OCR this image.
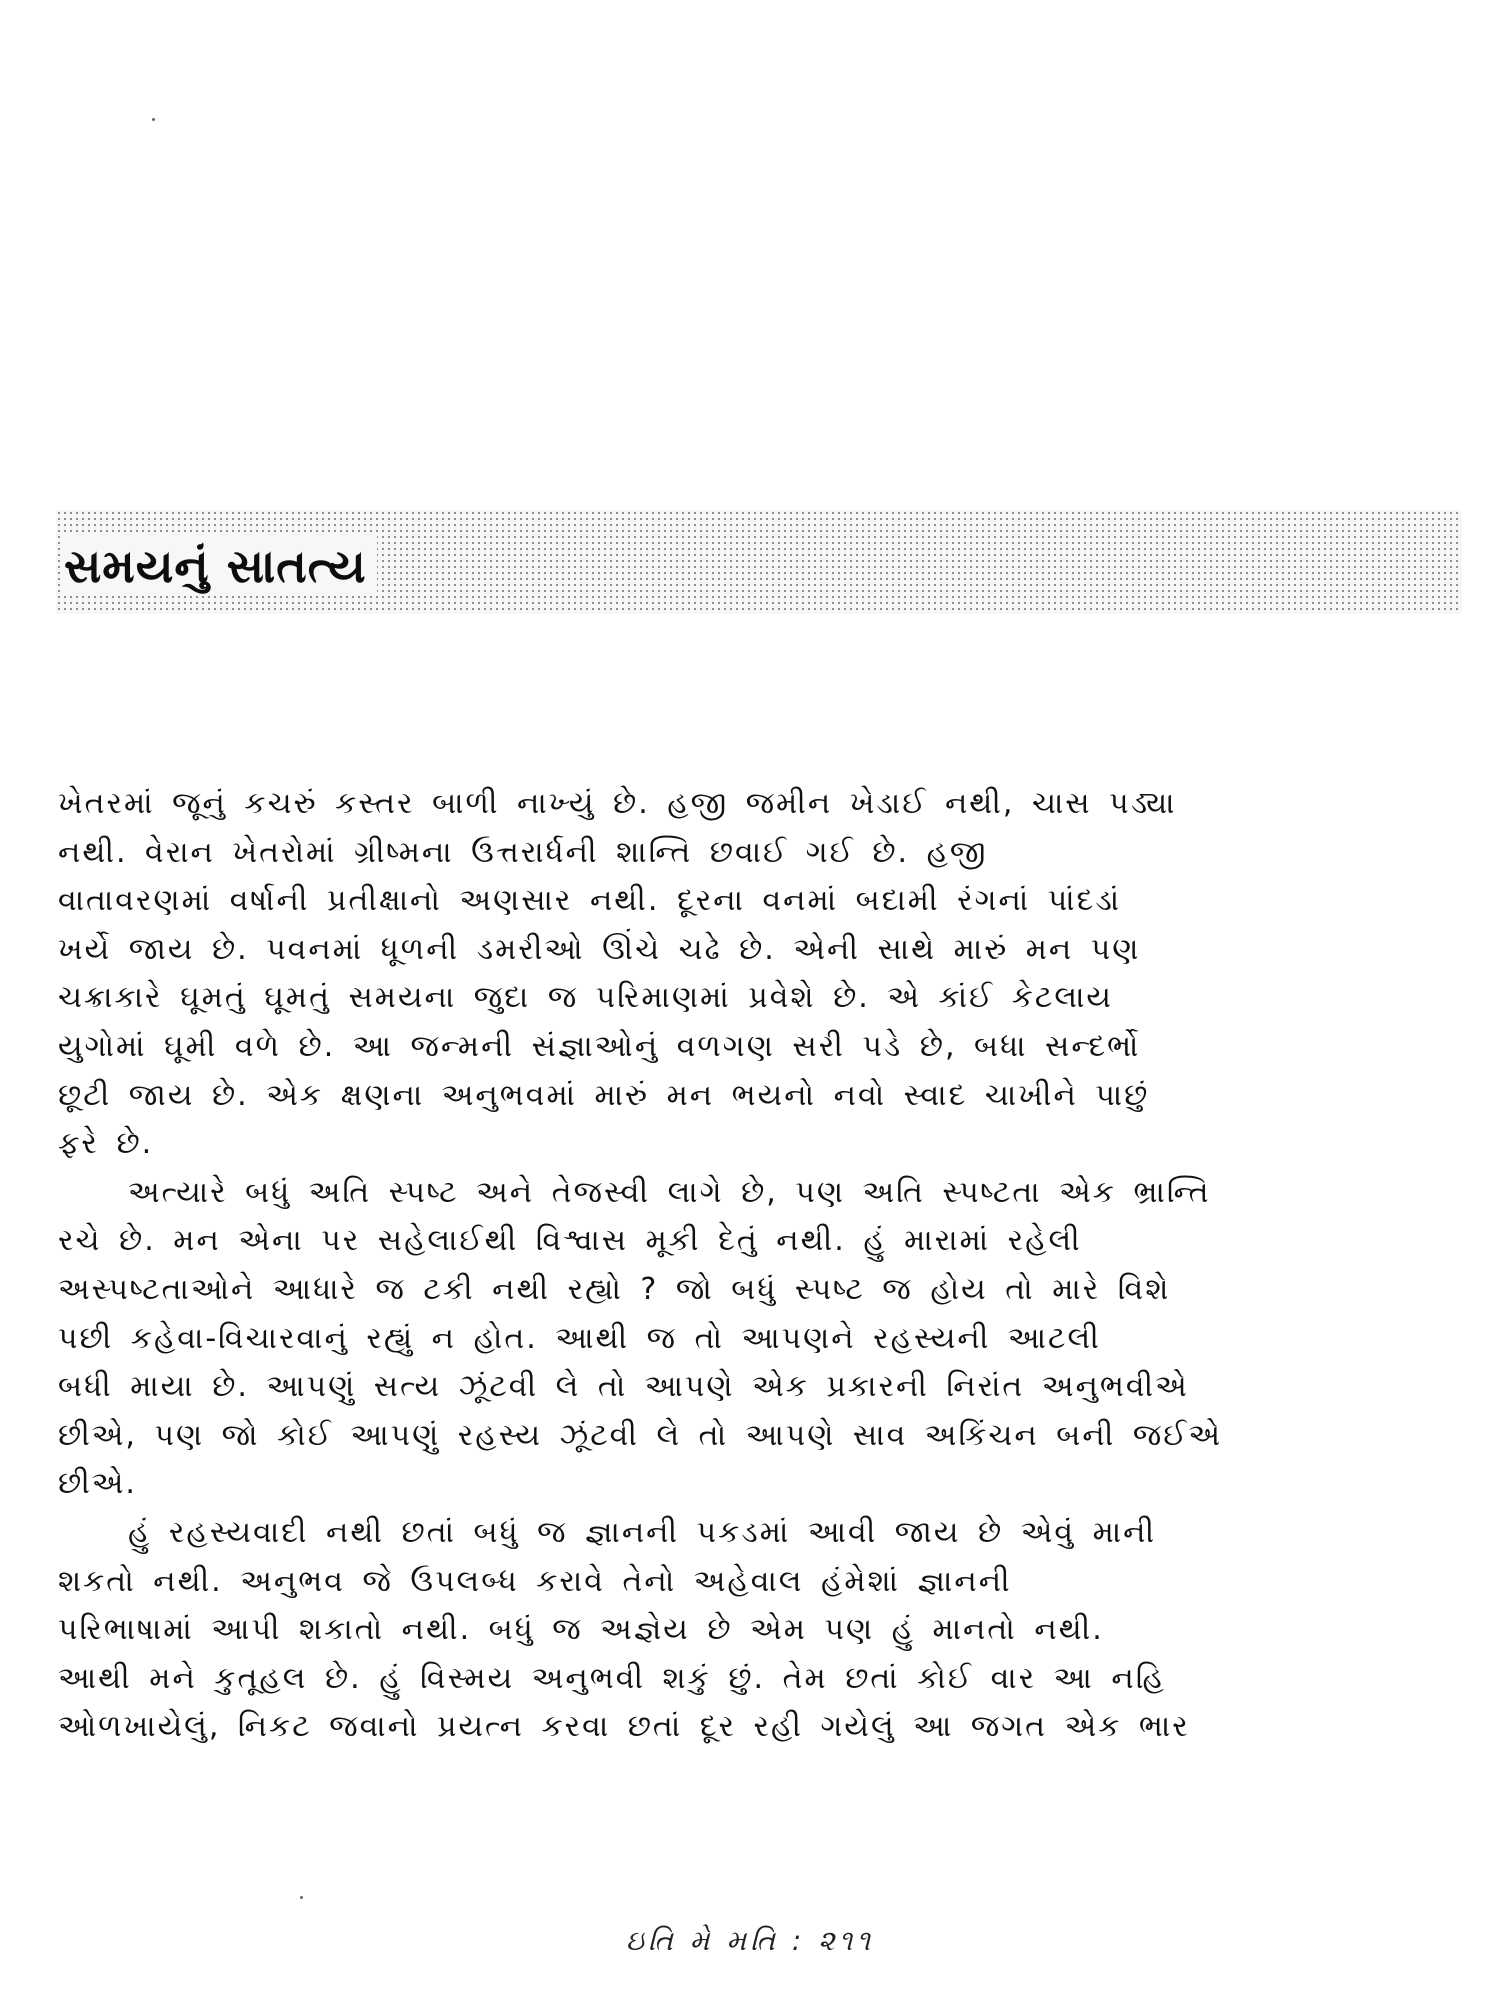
સમયનું સાતત્ય
ખેતરમાં જૂનું કચરું કસ્તર બાળી નાખ્યું છે. હજી જમીન ખેડાઈ નથી, ચાસ પડ્યા
નથી. વેરાન ખેતરોમાં ગ્રીષ્મના ઉત્તરાર્ધની શાન્તિ છવાઈ ગઈ છે. હજી
વાતાવરણમાં વર્ષાની પ્રતીક્ષાનો અણસાર નથી. દૂરના વનમાં બદામી રંગનાં પાંદડાં
ખર્યે જાય છે. પવનમાં ધૂળની ડમરીઓ ઊંચે ચઢે છે. એની સાથે મારું મન પણ
ચક્રાકારે ઘૂમતું ઘૂમતું સમયના જુદા જ પરિમાણમાં પ્રવેશે છે. એ કાંઈ કેટલાય
યુગોમાં ઘૂમી વળે છે. આ જન્મની સંજ્ઞાઓનું વળગણ સરી પડે છે, બધા સન્દર્ભો
છૂટી જાય છે. એક ક્ષણના અનુભવમાં મારું મન ભયનો નવો સ્વાદ ચાખીને પાછું
ફરે છે.
અત્યારે બધું અતિ સ્પષ્ટ અને તેજસ્વી લાગે છે, પણ અતિ સ્પષ્ટતા એક ભ્રાન્તિ
રચે છે. મન એના પર સહેલાઈથી વિશ્વાસ મૂકી દેતું નથી. હું મારામાં રહેલી
અસ્પષ્ટતાઓને આધારે જ ટકી નથી રહ્યો ? જો બધું સ્પષ્ટ જ હોય તો મારે વિશે
પછી કહેવા-વિચારવાનું રહ્યું ન હોત. આથી જ તો આપણને રહસ્યની આટલી
બધી માયા છે. આપણું સત્ય ઝૂંટવી લે તો આપણે એક પ્રકારની નિરાંત અનુભવીએ
છીએ, પણ જો કોઈ આપણું રહસ્ય ઝૂંટવી લે તો આપણે સાવ અકિંચન બની જઈએ
છીએ.
હું રહસ્યવાદી નથી છતાં બધું જ જ્ઞાનની પકડમાં આવી જાય છે એવું માની
શકતો નથી. અનુભવ જે ઉપલબ્ધ કરાવે તેનો અહેવાલ હંમેશાં જ્ઞાનની
પરિભાષામાં આપી શકાતો નથી. બધું જ અજ્ઞેય છે એમ પણ હું માનતો નથી.
આથી મને કુતૂહલ છે. હું વિસ્મય અનુભવી શકું છું. તેમ છતાં કોઈ વાર આ નહિ
ઓળખાયેલું, નિકટ જવાનો પ્રયત્ન કરવા છતાં દૂર રહી ગયેલું આ જગત એક ભાર
ઇતિ મે મતિ : ૨૧૧
